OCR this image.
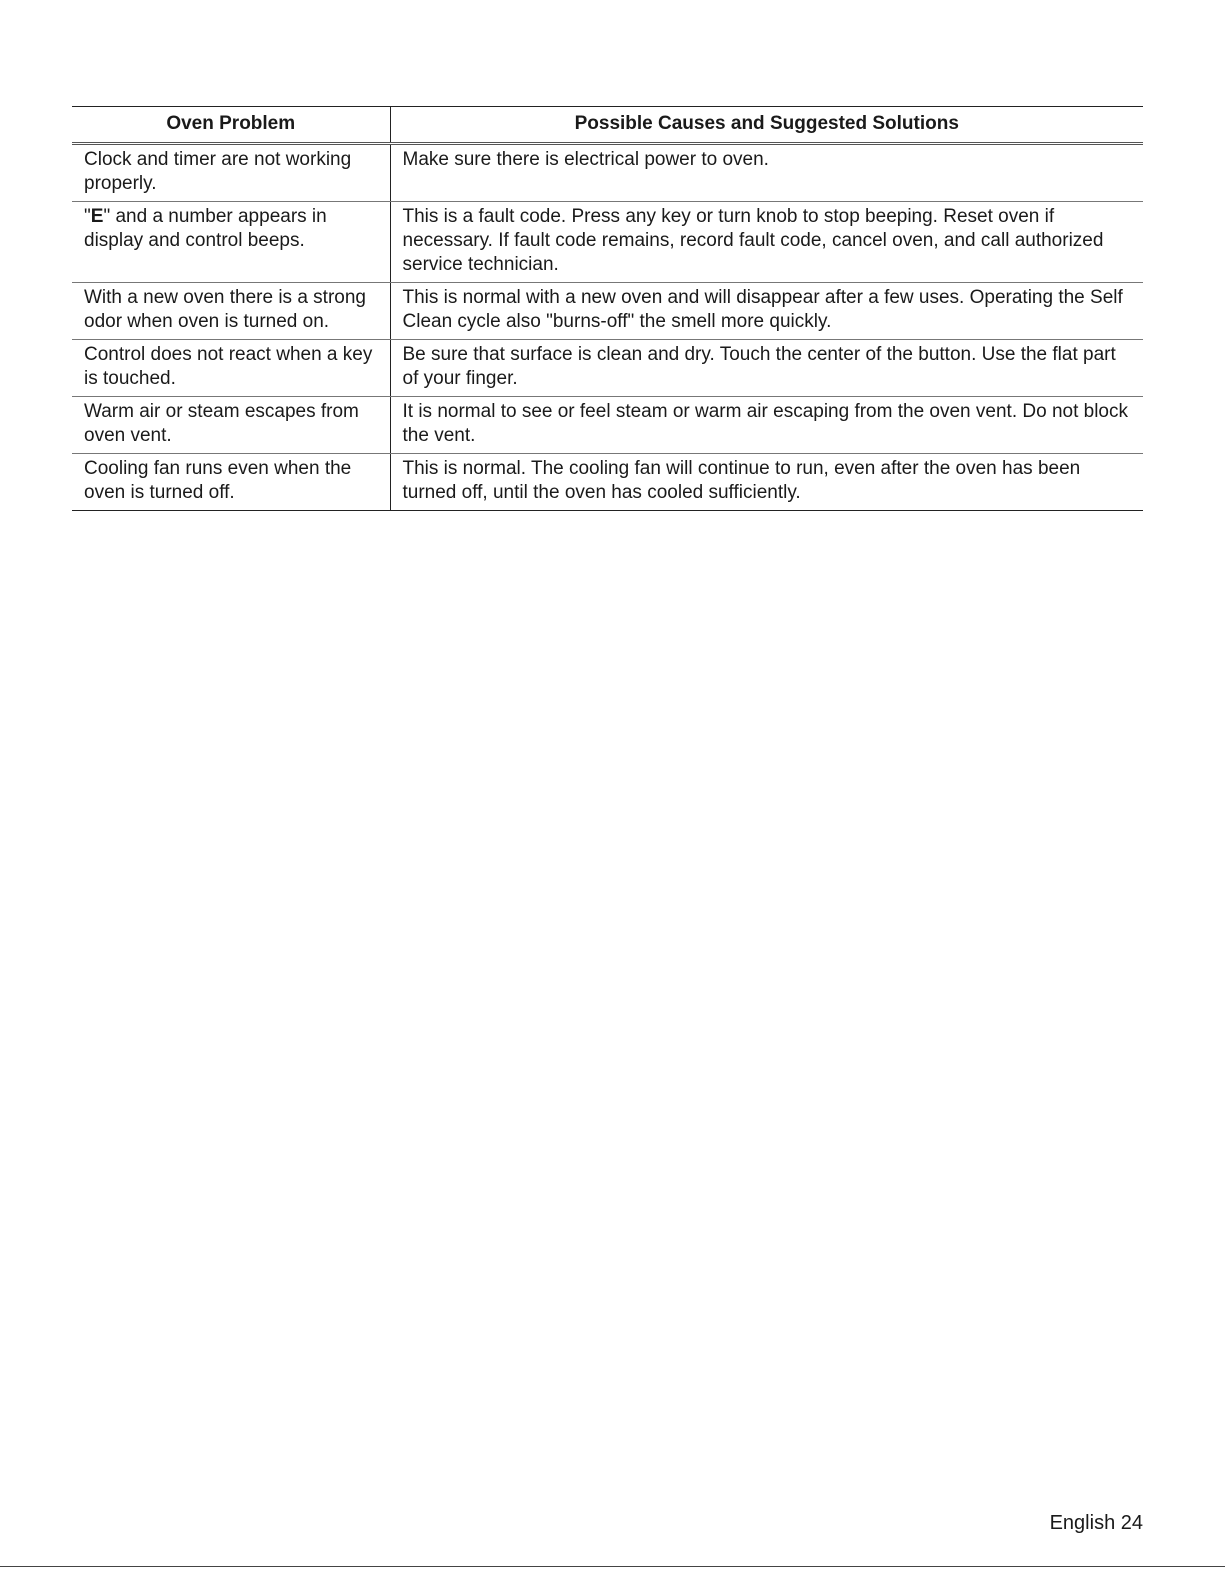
Oven Problem	Possible Causes and Suggested Solutions
Clock and timer are not working properly.	Make sure there is electrical power to oven.
"E" and a number appears in display and control beeps.	This is a fault code. Press any key or turn knob to stop beeping. Reset oven if necessary. If fault code remains, record fault code, cancel oven, and call authorized service technician.
With a new oven there is a strong odor when oven is turned on.	This is normal with a new oven and will disappear after a few uses. Operating the Self Clean cycle also "burns-off" the smell more quickly.
Control does not react when a key is touched.	Be sure that surface is clean and dry. Touch the center of the button. Use the flat part of your finger.
Warm air or steam escapes from oven vent.	It is normal to see or feel steam or warm air escaping from the oven vent. Do not block the vent.
Cooling fan runs even when the oven is turned off.	This is normal. The cooling fan will continue to run, even after the oven has been turned off, until the oven has cooled sufficiently.
English 24
